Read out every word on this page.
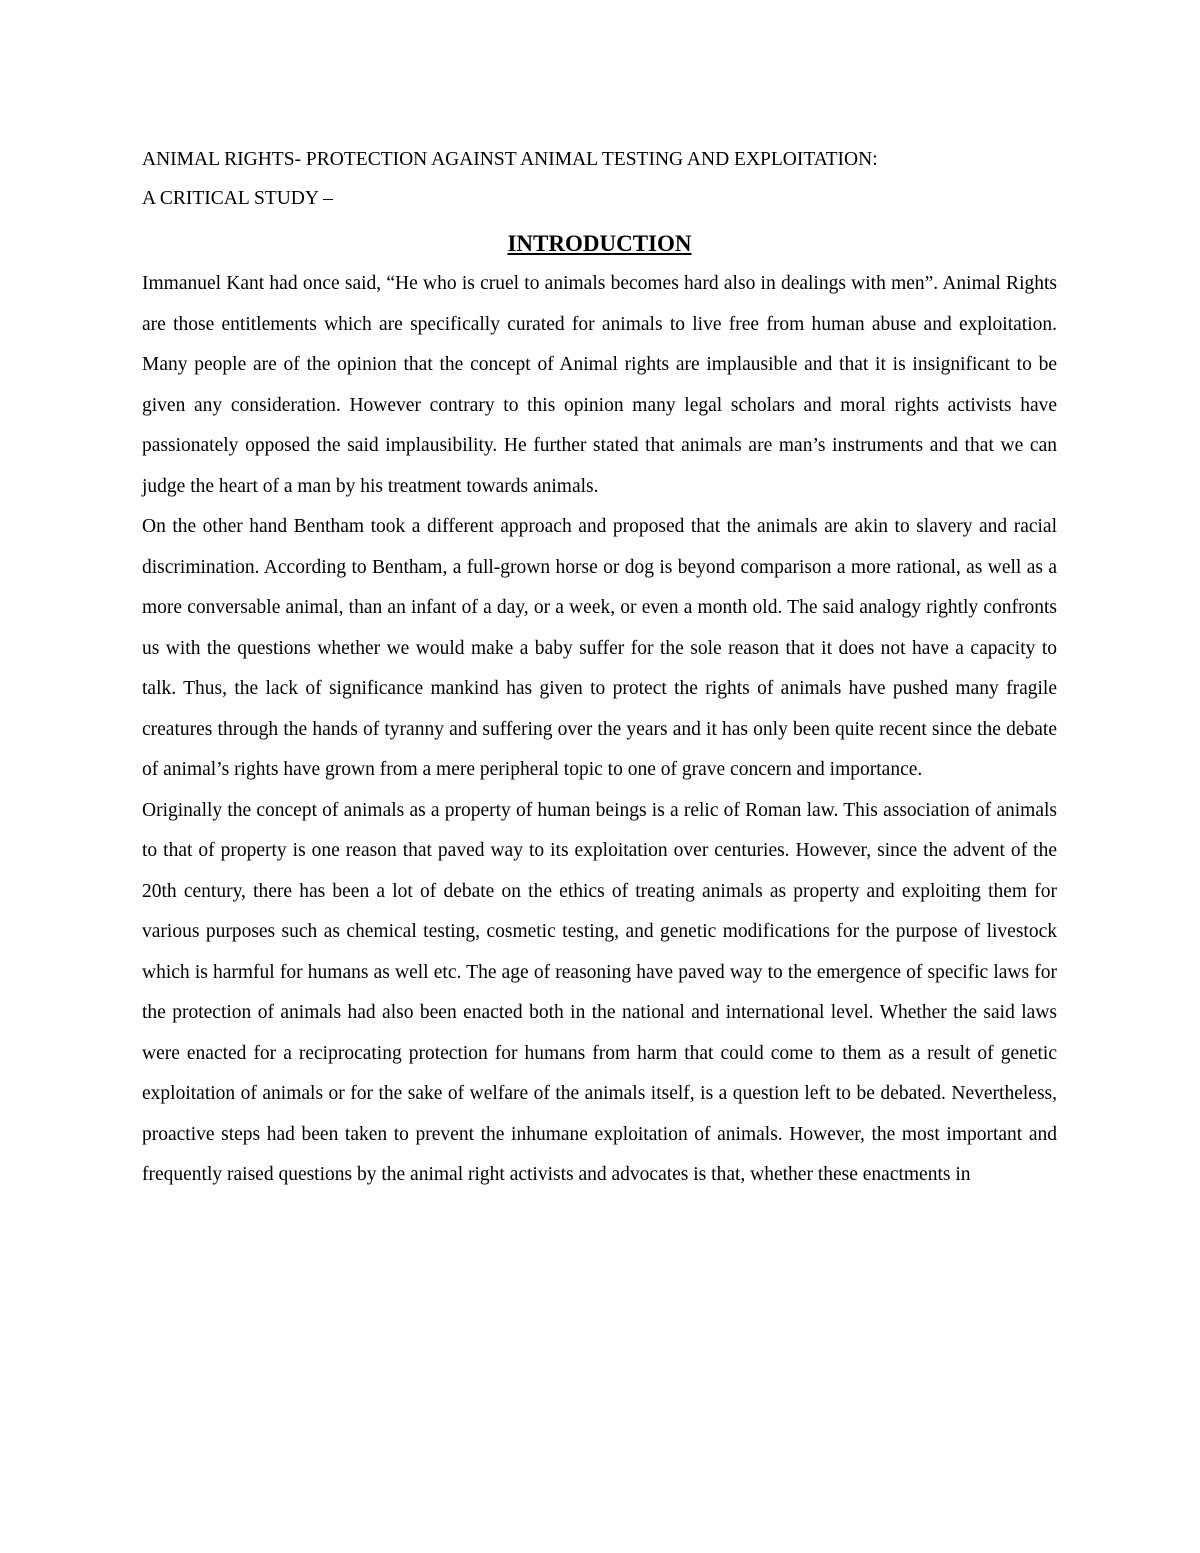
ANIMAL RIGHTS- PROTECTION AGAINST ANIMAL TESTING AND EXPLOITATION:

A CRITICAL STUDY –

INTRODUCTION

Immanuel Kant had once said, “He who is cruel to animals becomes hard also in dealings with men”. Animal Rights are those entitlements which are specifically curated for animals to live free from human abuse and exploitation. Many people are of the opinion that the concept of Animal rights are implausible and that it is insignificant to be given any consideration. However contrary to this opinion many legal scholars and moral rights activists have passionately opposed the said implausibility. He further stated that animals are man’s instruments and that we can judge the heart of a man by his treatment towards animals.

On the other hand Bentham took a different approach and proposed that the animals are akin to slavery and racial discrimination. According to Bentham, a full-grown horse or dog is beyond comparison a more rational, as well as a more conversable animal, than an infant of a day, or a week, or even a month old. The said analogy rightly confronts us with the questions whether we would make a baby suffer for the sole reason that it does not have a capacity to talk. Thus, the lack of significance mankind has given to protect the rights of animals have pushed many fragile creatures through the hands of tyranny and suffering over the years and it has only been quite recent since the debate of animal’s rights have grown from a mere peripheral topic to one of grave concern and importance.

Originally the concept of animals as a property of human beings is a relic of Roman law. This association of animals to that of property is one reason that paved way to its exploitation over centuries. However, since the advent of the 20th century, there has been a lot of debate on the ethics of treating animals as property and exploiting them for various purposes such as chemical testing, cosmetic testing, and genetic modifications for the purpose of livestock which is harmful for humans as well etc. The age of reasoning have paved way to the emergence of specific laws for the protection of animals had also been enacted both in the national and international level. Whether the said laws were enacted for a reciprocating protection for humans from harm that could come to them as a result of genetic exploitation of animals or for the sake of welfare of the animals itself, is a question left to be debated. Nevertheless, proactive steps had been taken to prevent the inhumane exploitation of animals. However, the most important and frequently raised questions by the animal right activists and advocates is that, whether these enactments in
